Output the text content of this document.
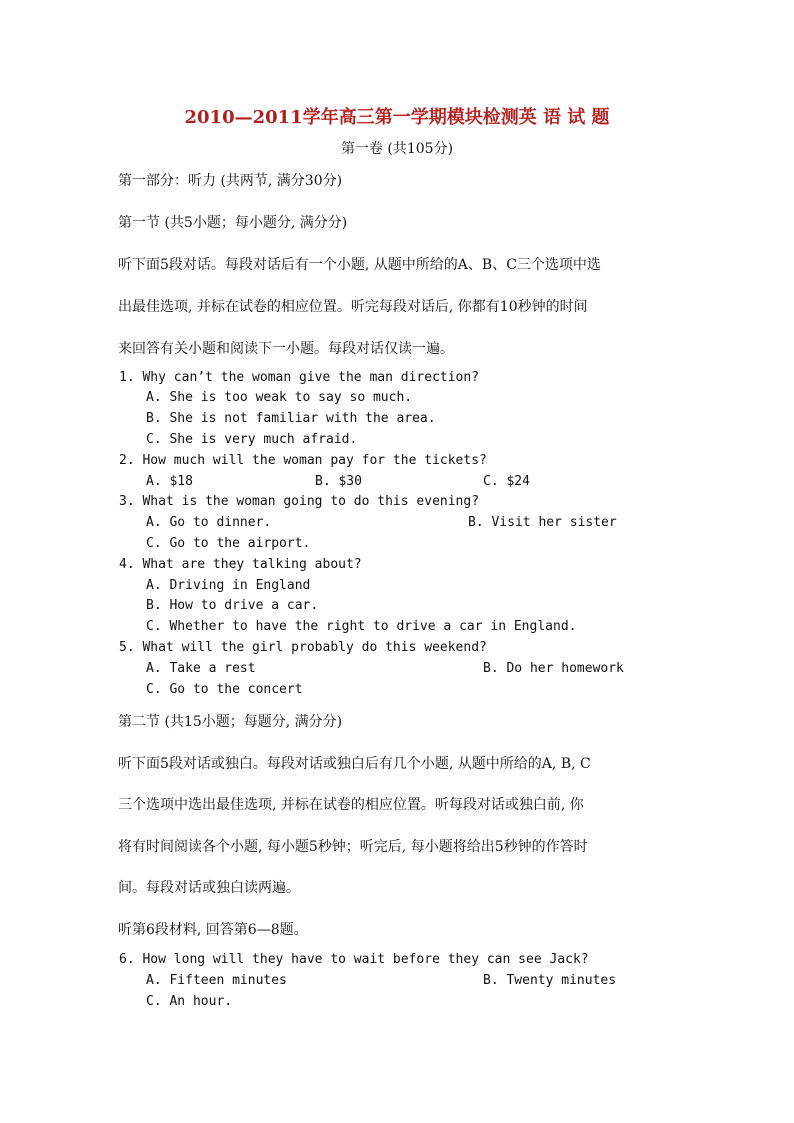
2010—2011学年高三第一学期模块检测英 语 试 题
第一卷 (共105分)
第一部分：听力 (共两节, 满分30分)
第一节 (共5小题；每小题分, 满分分)
听下面5段对话。每段对话后有一个小题, 从题中所给的A、B、C三个选项中选
出最佳选项, 并标在试卷的相应位置。听完每段对话后, 你都有10秒钟的时间
来回答有关小题和阅读下一小题。每段对话仅读一遍。
1. Why can’t the woman give the man direction?
A. She is too weak to say so much.
B. She is not familiar with the area.
C. She is very much afraid.
2. How much will the woman pay for the tickets?
A. $18	B. $30	C. $24
3. What is the woman going to do this evening?
A. Go to dinner.	B. Visit her sister
C. Go to the airport.
4. What are they talking about?
A. Driving in England
B. How to drive a car.
C. Whether to have the right to drive a car in England.
5. What will the girl probably do this weekend?
A. Take a rest	B. Do her homework
C. Go to the concert
第二节 (共15小题；每题分, 满分分)
听下面5段对话或独白。每段对话或独白后有几个小题, 从题中所给的A, B, C
三个选项中选出最佳选项, 并标在试卷的相应位置。听每段对话或独白前, 你
将有时间阅读各个小题, 每小题5秒钟；听完后, 每小题将给出5秒钟的作答时
间。每段对话或独白读两遍。
听第6段材料, 回答第6—8题。
6. How long will they have to wait before they can see Jack?
A. Fifteen minutes	B. Twenty minutes
C. An hour.
